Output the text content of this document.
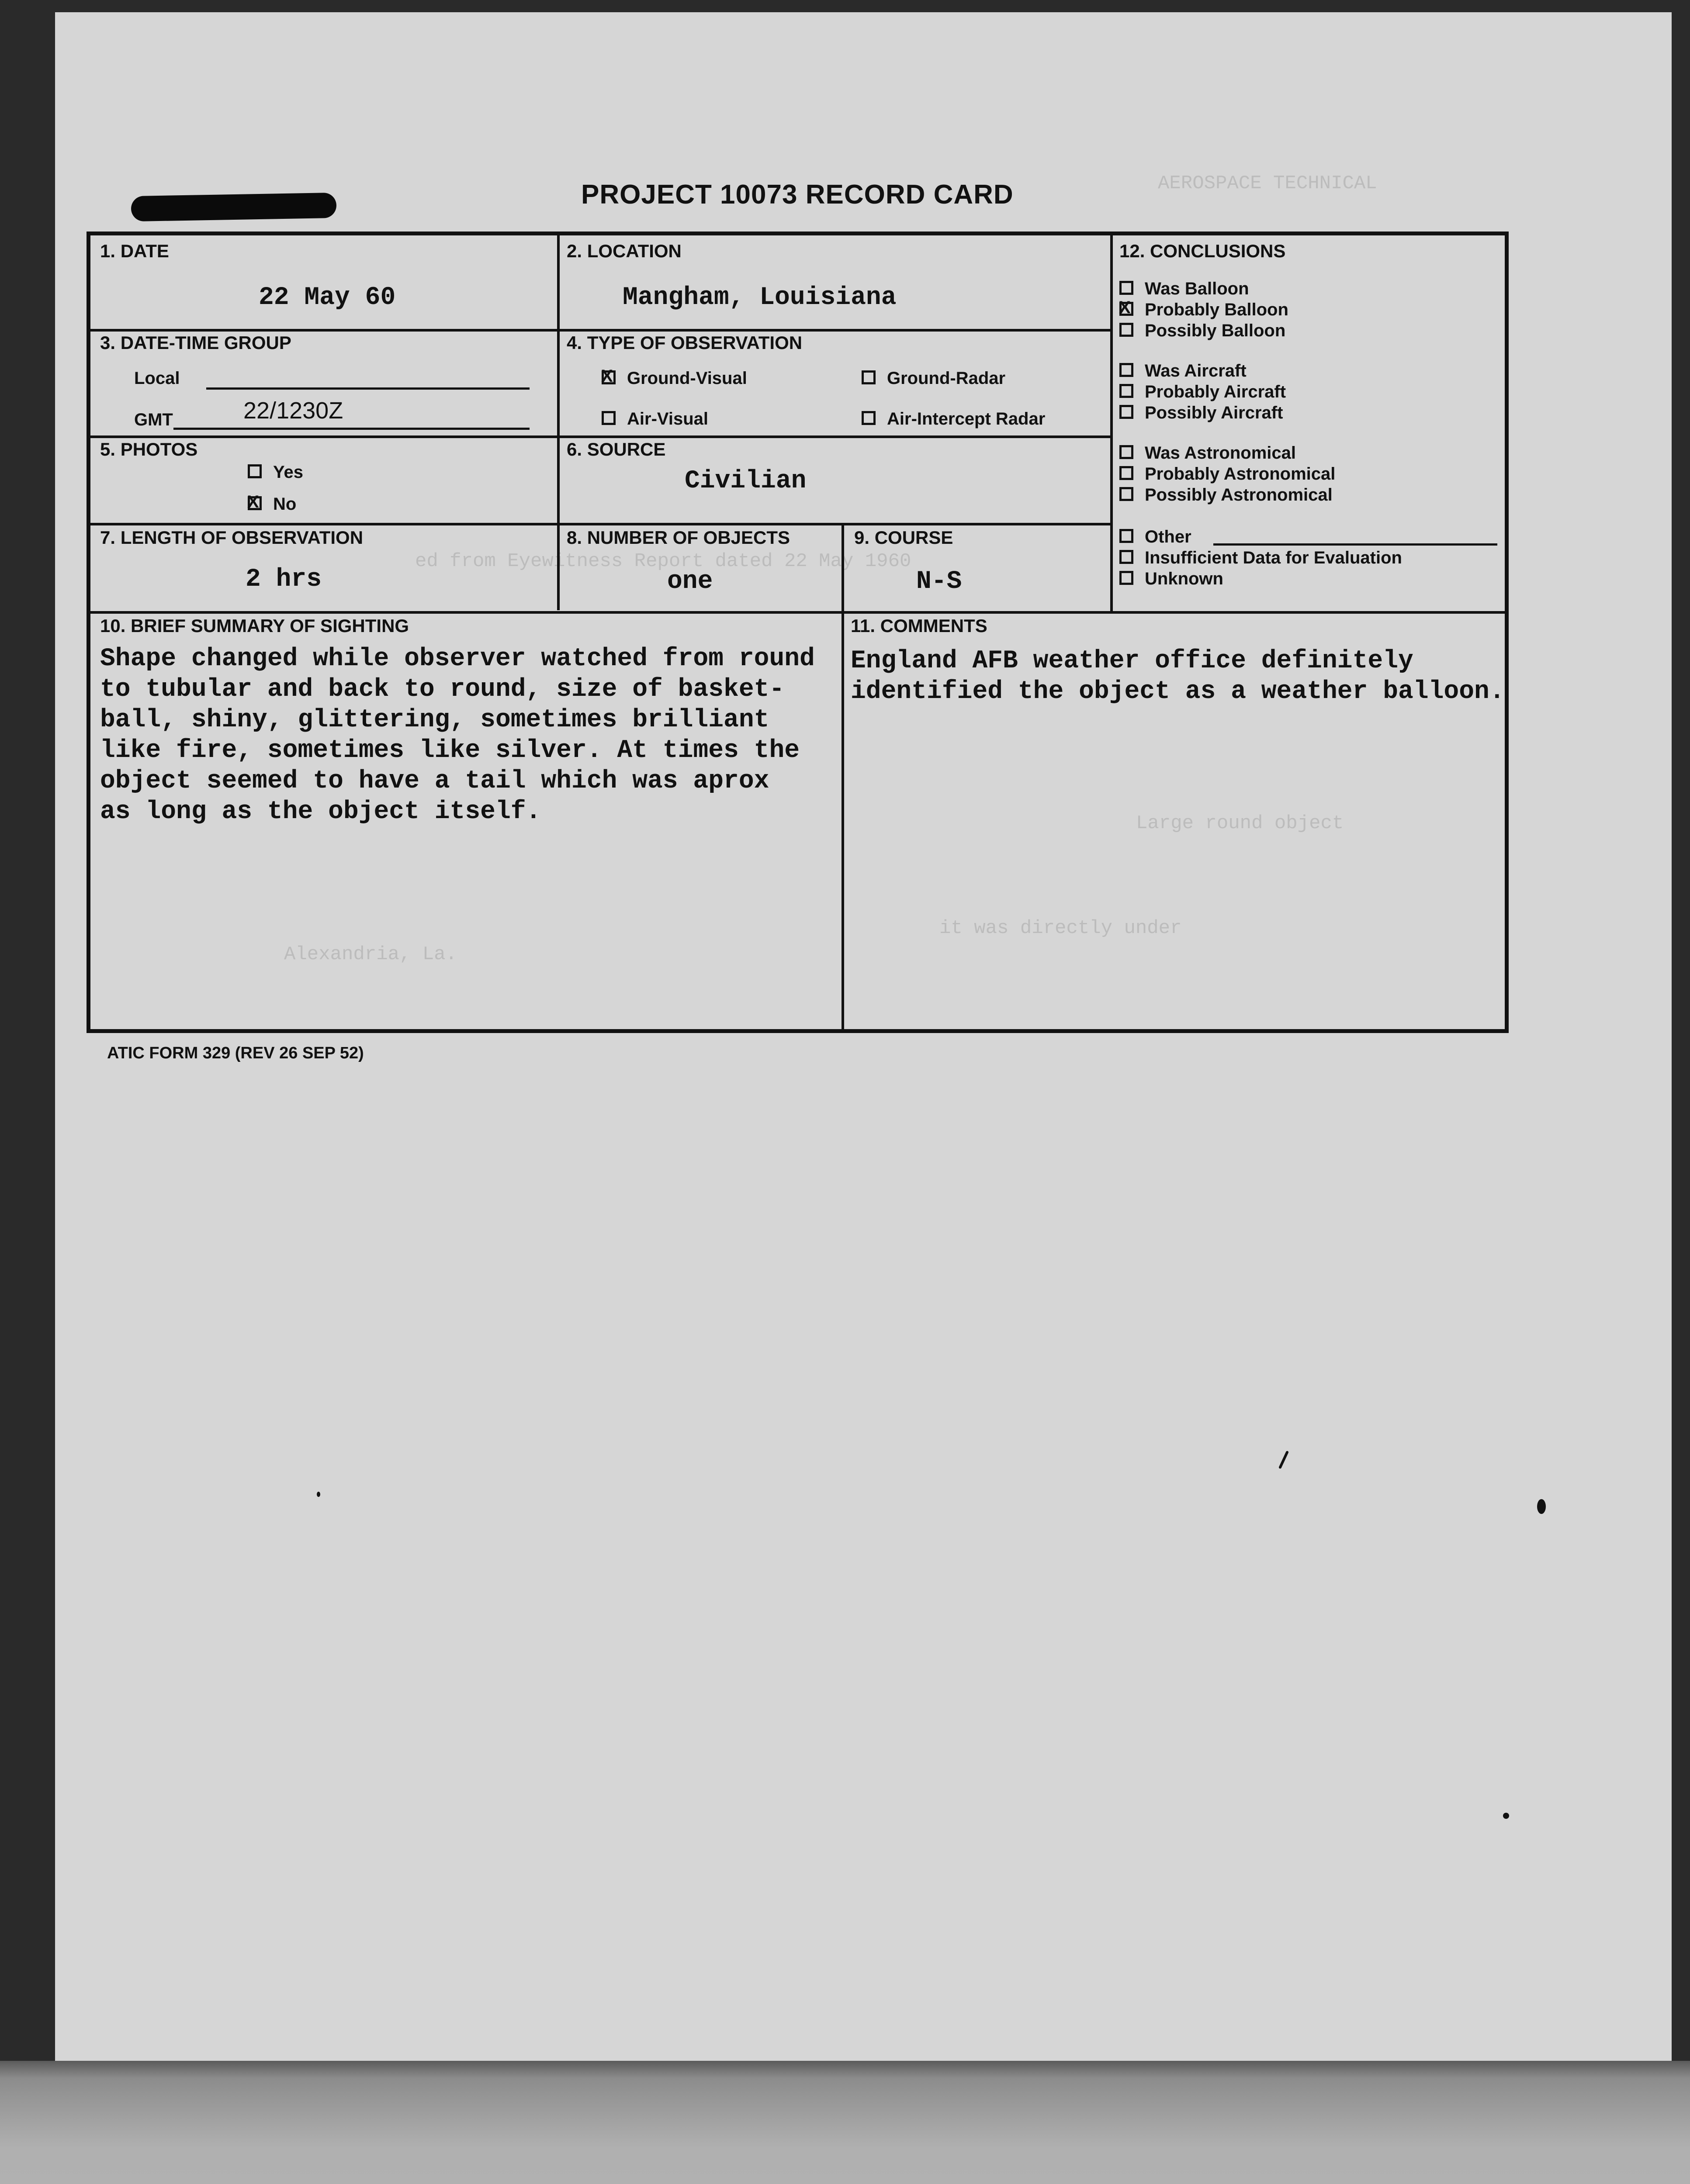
AEROSPACE TECHNICAL
ed from Eyewitness Report dated 22 May 1960
Large round object
it was directly under
Alexandria, La.
PROJECT 10073 RECORD CARD
1. DATE
22 May 60
2. LOCATION
Mangham, Louisiana
3. DATE-TIME GROUP
Local
GMT	22/1230Z
4. TYPE OF OBSERVATION
XGround-Visual	Ground-Radar
Air-Visual	Air-Intercept Radar
5. PHOTOS
Yes
XNo
6. SOURCE
Civilian
7. LENGTH OF OBSERVATION
2 hrs
8. NUMBER OF OBJECTS
one
9. COURSE
N-S
10. BRIEF SUMMARY OF SIGHTING
Shape changed while observer watched from round
to tubular and back to round, size of basket-
ball, shiny, glittering, sometimes brilliant
like fire, sometimes like silver. At times the
object seemed to have a tail which was aprox
as long as the object itself.
11. COMMENTS
England AFB weather office definitely
identified the object as a weather balloon.
12. CONCLUSIONS
Was Balloon
XProbably Balloon
Possibly Balloon
Was Aircraft
Probably Aircraft
Possibly Aircraft
Was Astronomical
Probably Astronomical
Possibly Astronomical
Other
Insufficient Data for Evaluation
Unknown
ATIC FORM 329 (REV 26 SEP 52)
